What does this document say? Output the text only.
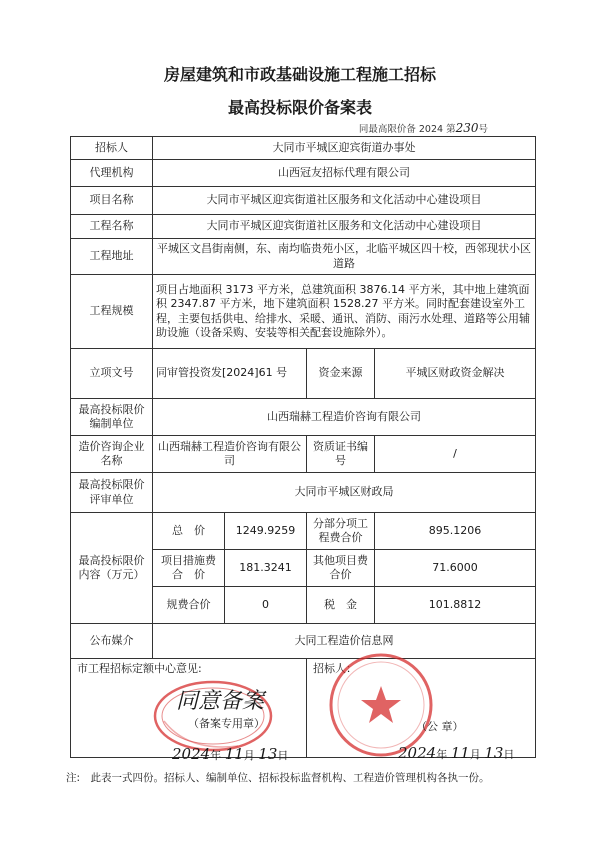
房屋建筑和市政基础设施工程施工招标
最高投标限价备案表
同最高限价备 2024 第230号
招标人	大同市平城区迎宾街道办事处			
代理机构	山西冠友招标代理有限公司			
项目名称	大同市平城区迎宾街道社区服务和文化活动中心建设项目			
工程名称	大同市平城区迎宾街道社区服务和文化活动中心建设项目			
工程地址	平城区文昌街南侧，东、南均临贵苑小区，北临平城区四十校，西邻现状小区道路			
工程规模	项目占地面积 3173 平方米，总建筑面积 3876.14 平方米，其中地上建筑面积 2347.87 平方米，地下建筑面积 1528.27 平方米。同时配套建设室外工程，主要包括供电、给排水、采暖、通讯、消防、雨污水处理、道路等公用辅助设施（设备采购、安装等相关配套设施除外）。			
立项文号	同审管投资发[2024]61 号		资金来源	平城区财政资金解决
最高投标限价编制单位	山西瑞赫工程造价咨询有限公司			
造价咨询企业名称	山西瑞赫工程造价咨询有限公司		资质证书编　　号	/
最高投标限价评审单位	大同市平城区财政局			
最高投标限价内容（万元）	总　价	1249.9259	分部分项工程费合价	895.1206
	项目措施费合　价	181.3241	其他项目费合价	71.6000
	规费合价	0	税　金	101.8812
公布媒介	大同工程造价信息网			

市工程招标定额中心意见:			招标人：	
同意备案
（备案专用章）
2024年 11月 13日
（公 章）
2024年 11月 13日
注:　此表一式四份。招标人、编制单位、招标投标监督机构、工程造价管理机构各执一份。
